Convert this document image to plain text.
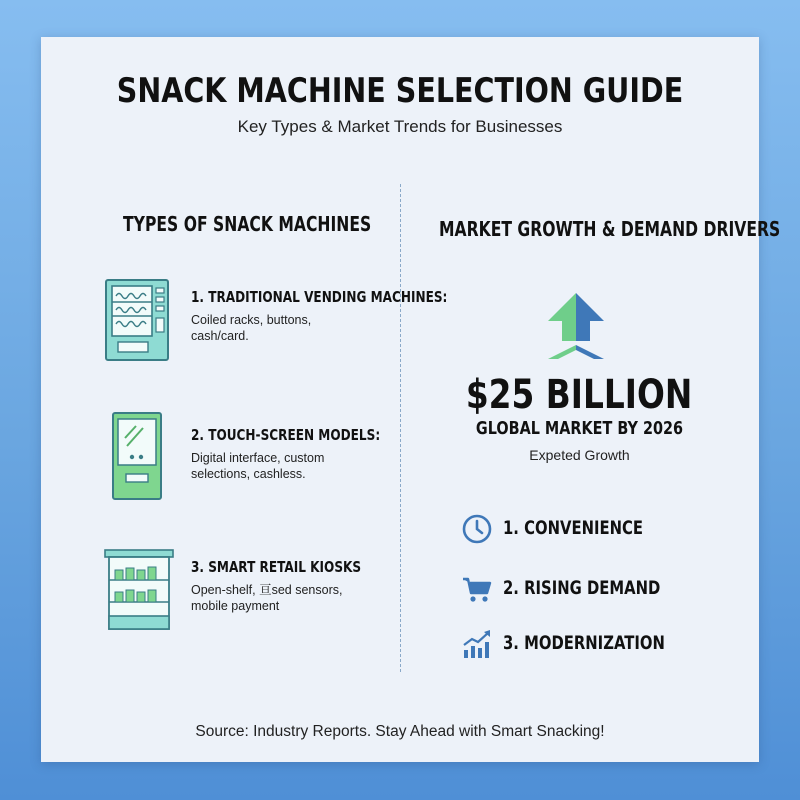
SNACK MACHINE SELECTION GUIDE
Key Types & Market Trends for Businesses
TYPES OF SNACK MACHINES	MARKET GROWTH & DEMAND DRIVERS
1. TRADITIONAL VENDING MACHINES:
Coiled racks, buttons,
cash/card.
2. TOUCH-SCREEN MODELS:
Digital interface, custom
selections, cashless.
3. SMART RETAIL KIOSKS
Open-shelf, 亘sed sensors,
mobile payment
$25 BILLION
GLOBAL MARKET BY 2026
Expeted Growth
1. CONVENIENCE
2. RISING DEMAND
3. MODERNIZATION
Source: Industry Reports. Stay Ahead with Smart Snacking!
